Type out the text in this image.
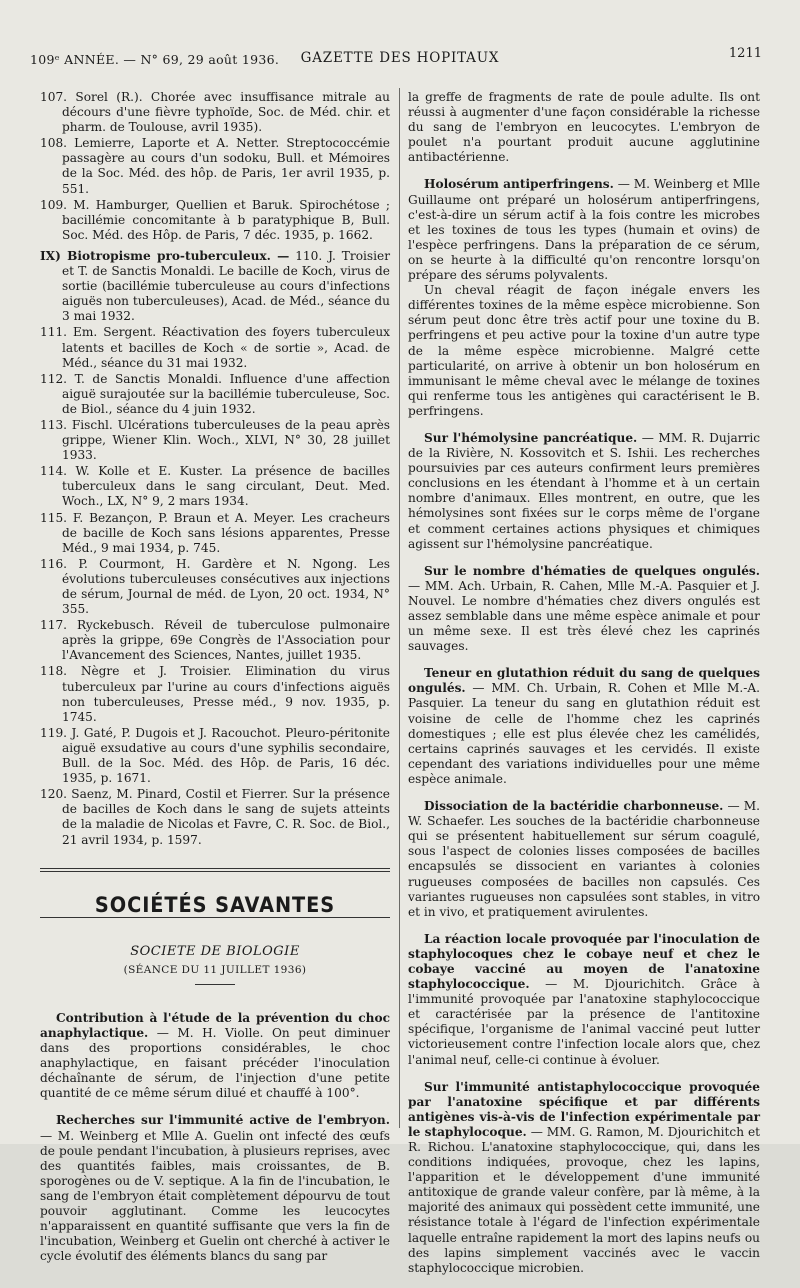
109ᵉ ANNÉE. — N° 69, 29 août 1936.	GAZETTE DES HOPITAUX	1211

107. Sorel (R.). Chorée avec insuffisance mitrale au décours d'une fièvre typhoïde, Soc. de Méd. chir. et pharm. de Toulouse, avril 1935).

108. Lemierre, Laporte et A. Netter. Streptococcémie passagère au cours d'un sodoku, Bull. et Mémoires de la Soc. Méd. des hôp. de Paris, 1er avril 1935, p. 551.

109. M. Hamburger, Quellien et Baruk. Spirochétose ; bacillémie concomitante à b paratyphique B, Bull. Soc. Méd. des Hôp. de Paris, 7 déc. 1935, p. 1662.

IX) Biotropisme pro-tuberculeux. — 110. J. Troisier et T. de Sanctis Monaldi. Le bacille de Koch, virus de sortie (bacillémie tuberculeuse au cours d'infections aiguës non tuberculeuses), Acad. de Méd., séance du 3 mai 1932.

111. Em. Sergent. Réactivation des foyers tuberculeux latents et bacilles de Koch « de sortie », Acad. de Méd., séance du 31 mai 1932.

112. T. de Sanctis Monaldi. Influence d'une affection aiguë surajoutée sur la bacillémie tuberculeuse, Soc. de Biol., séance du 4 juin 1932.

113. Fischl. Ulcérations tuberculeuses de la peau après grippe, Wiener Klin. Woch., XLVI, N° 30, 28 juillet 1933.

114. W. Kolle et E. Kuster. La présence de bacilles tuberculeux dans le sang circulant, Deut. Med. Woch., LX, N° 9, 2 mars 1934.

115. F. Bezançon, P. Braun et A. Meyer. Les cracheurs de bacille de Koch sans lésions apparentes, Presse Méd., 9 mai 1934, p. 745.

116. P. Courmont, H. Gardère et N. Ngong. Les évolutions tuberculeuses consécutives aux injections de sérum, Journal de méd. de Lyon, 20 oct. 1934, N° 355.

117. Ryckebusch. Réveil de tuberculose pulmonaire après la grippe, 69e Congrès de l'Association pour l'Avancement des Sciences, Nantes, juillet 1935.

118. Nègre et J. Troisier. Elimination du virus tuberculeux par l'urine au cours d'infections aiguës non tuberculeuses, Presse méd., 9 nov. 1935, p. 1745.

119. J. Gaté, P. Dugois et J. Racouchot. Pleuro-péritonite aiguë exsudative au cours d'une syphilis secondaire, Bull. de la Soc. Méd. des Hôp. de Paris, 16 déc. 1935, p. 1671.

120. Saenz, M. Pinard, Costil et Fierrer. Sur la présence de bacilles de Koch dans le sang de sujets atteints de la maladie de Nicolas et Favre, C. R. Soc. de Biol., 21 avril 1934, p. 1597.

SOCIÉTÉS SAVANTES
SOCIETE DE BIOLOGIE
(SÉANCE DU 11 JUILLET 1936)

Contribution à l'étude de la prévention du choc anaphylactique. — M. H. Violle. On peut diminuer dans des proportions considérables, le choc anaphylactique, en faisant précéder l'inoculation déchaînante de sérum, de l'injection d'une petite quantité de ce même sérum dilué et chauffé à 100°.

Recherches sur l'immunité active de l'embryon. — M. Weinberg et Mlle A. Guelin ont infecté des œufs de poule pendant l'incubation, à plusieurs reprises, avec des quantités faibles, mais croissantes, de B. sporogènes ou de V. septique. A la fin de l'incubation, le sang de l'embryon était complètement dépourvu de tout pouvoir agglutinant. Comme les leucocytes n'apparaissent en quantité suffisante que vers la fin de l'incubation, Weinberg et Guelin ont cherché à activer le cycle évolutif des éléments blancs du sang par

la greffe de fragments de rate de poule adulte. Ils ont réussi à augmenter d'une façon considérable la richesse du sang de l'embryon en leucocytes. L'embryon de poulet n'a pourtant produit aucune agglutinine antibactérienne.

Holosérum antiperfringens. — M. Weinberg et Mlle Guillaume ont préparé un holosérum antiperfringens, c'est-à-dire un sérum actif à la fois contre les microbes et les toxines de tous les types (humain et ovins) de l'espèce perfringens. Dans la préparation de ce sérum, on se heurte à la difficulté qu'on rencontre lorsqu'on prépare des sérums polyvalents.

Un cheval réagit de façon inégale envers les différentes toxines de la même espèce microbienne. Son sérum peut donc être très actif pour une toxine du B. perfringens et peu active pour la toxine d'un autre type de la même espèce microbienne. Malgré cette particularité, on arrive à obtenir un bon holosérum en immunisant le même cheval avec le mélange de toxines qui renferme tous les antigènes qui caractérisent le B. perfringens.

Sur l'hémolysine pancréatique. — MM. R. Dujarric de la Rivière, N. Kossovitch et S. Ishii. Les recherches poursuivies par ces auteurs confirment leurs premières conclusions en les étendant à l'homme et à un certain nombre d'animaux. Elles montrent, en outre, que les hémolysines sont fixées sur le corps même de l'organe et comment certaines actions physiques et chimiques agissent sur l'hémolysine pancréatique.

Sur le nombre d'hématies de quelques ongulés. — MM. Ach. Urbain, R. Cahen, Mlle M.-A. Pasquier et J. Nouvel. Le nombre d'hématies chez divers ongulés est assez semblable dans une même espèce animale et pour un même sexe. Il est très élevé chez les caprinés sauvages.

Teneur en glutathion réduit du sang de quelques ongulés. — MM. Ch. Urbain, R. Cohen et Mlle M.-A. Pasquier. La teneur du sang en glutathion réduit est voisine de celle de l'homme chez les caprinés domestiques ; elle est plus élevée chez les camélidés, certains caprinés sauvages et les cervidés. Il existe cependant des variations individuelles pour une même espèce animale.

Dissociation de la bactéridie charbonneuse. — M. W. Schaefer. Les souches de la bactéridie charbonneuse qui se présentent habituellement sur sérum coagulé, sous l'aspect de colonies lisses composées de bacilles encapsulés se dissocient en variantes à colonies rugueuses composées de bacilles non capsulés. Ces variantes rugueuses non capsulées sont stables, in vitro et in vivo, et pratiquement avirulentes.

La réaction locale provoquée par l'inoculation de staphylocoques chez le cobaye neuf et chez le cobaye vacciné au moyen de l'anatoxine staphylococcique. — M. Djourichitch. Grâce à l'immunité provoquée par l'anatoxine staphylococcique et caractérisée par la présence de l'antitoxine spécifique, l'organisme de l'animal vacciné peut lutter victorieusement contre l'infection locale alors que, chez l'animal neuf, celle-ci continue à évoluer.

Sur l'immunité antistaphylococcique provoquée par l'anatoxine spécifique et par différents antigènes vis-à-vis de l'infection expérimentale par le staphylocoque. — MM. G. Ramon, M. Djourichitch et R. Richou. L'anatoxine staphylococcique, qui, dans les conditions indiquées, provoque, chez les lapins, l'apparition et le développement d'une immunité antitoxique de grande valeur confère, par là même, à la majorité des animaux qui possèdent cette immunité, une résistance totale à l'égard de l'infection expérimentale laquelle entraîne rapidement la mort des lapins neufs ou des lapins simplement vaccinés avec le vaccin staphylococcique microbien.
